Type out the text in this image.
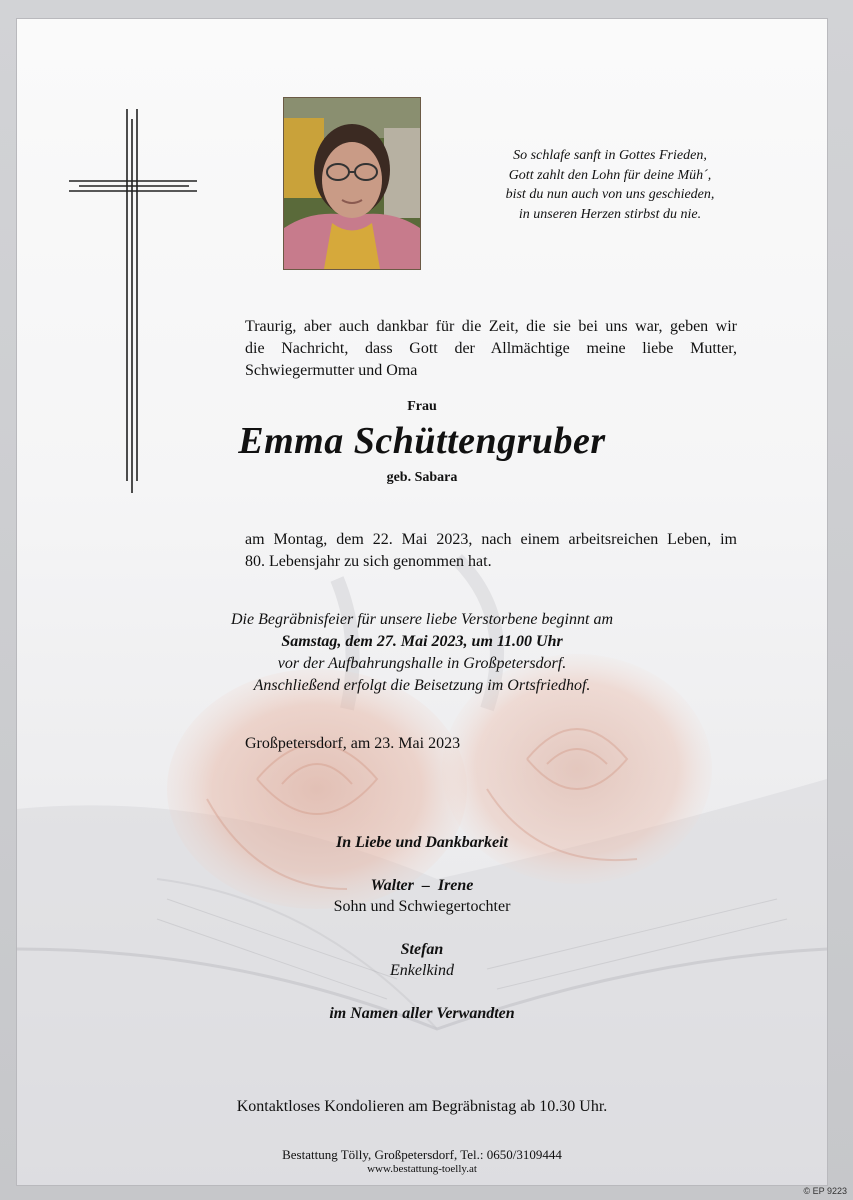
So schlafe sanft in Gottes Frieden,
Gott zahlt den Lohn für deine Müh´,
bist du nun auch von uns geschieden,
in unseren Herzen stirbst du nie.
Traurig, aber auch dankbar für die Zeit, die sie bei uns war, geben wir
die Nachricht, dass Gott der Allmächtige meine liebe Mutter,
Schwiegermutter und Oma
Frau
Emma Schüttengruber
geb. Sabara
am Montag, dem 22. Mai 2023, nach einem arbeitsreichen Leben, im
80. Lebensjahr zu sich genommen hat.
Die Begräbnisfeier für unsere liebe Verstorbene beginnt am
Samstag, dem 27. Mai 2023, um 11.00 Uhr
vor der Aufbahrungshalle in Großpetersdorf.
Anschließend erfolgt die Beisetzung im Ortsfriedhof.
Großpetersdorf, am 23. Mai 2023
In Liebe und Dankbarkeit
Walter  –  Irene
Sohn und Schwiegertochter
Stefan
Enkelkind
im Namen aller Verwandten
Kontaktloses Kondolieren am Begräbnistag ab 10.30 Uhr.
Bestattung Tölly, Großpetersdorf, Tel.: 0650/3109444
www.bestattung-toelly.at
© EP 9223
